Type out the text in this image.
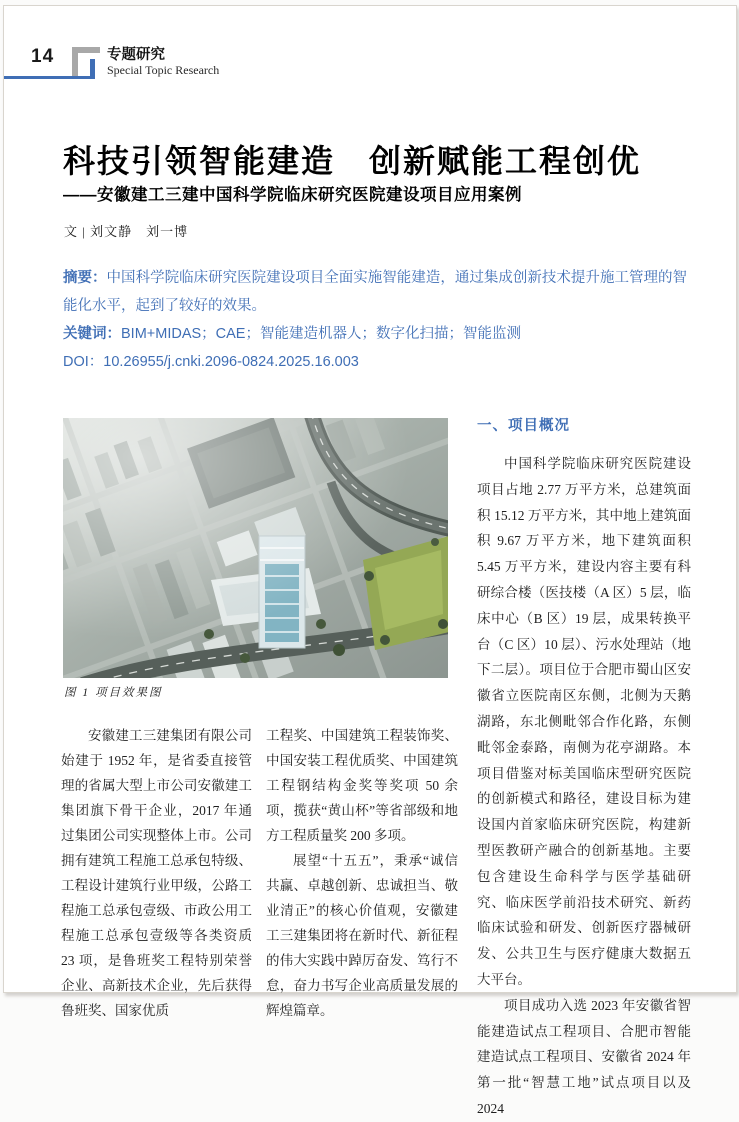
14	专题研究
Special Topic Research
科技引领智能建造　创新赋能工程创优
——安徽建工三建中国科学院临床研究医院建设项目应用案例
文 | 刘文静　刘一博

摘要：中国科学院临床研究医院建设项目全面实施智能建造，通过集成创新技术提升施工管理的智能化水平，起到了较好的效果。

关键词：BIM+MIDAS；CAE；智能建造机器人；数字化扫描；智能监测

DOI：10.26955/j.cnki.2096-0824.2025.16.003

图 1 项目效果图

安徽建工三建集团有限公司始建于 1952 年，是省委直接管理的省属大型上市公司安徽建工集团旗下骨干企业，2017 年通过集团公司实现整体上市。公司拥有建筑工程施工总承包特级、工程设计建筑行业甲级，公路工程施工总承包壹级、市政公用工程施工总承包壹级等各类资质 23 项，是鲁班奖工程特别荣誉企业、高新技术企业，先后获得鲁班奖、国家优质

工程奖、中国建筑工程装饰奖、中国安装工程优质奖、中国建筑工程钢结构金奖等奖项 50 余项，揽获“黄山杯”等省部级和地方工程质量奖 200 多项。

展望“十五五”，秉承“诚信共赢、卓越创新、忠诚担当、敬业清正”的核心价值观，安徽建工三建集团将在新时代、新征程的伟大实践中踔厉奋发、笃行不怠，奋力书写企业高质量发展的辉煌篇章。

一、项目概况

中国科学院临床研究医院建设项目占地 2.77 万平方米，总建筑面积 15.12 万平方米，其中地上建筑面积 9.67 万平方米，地下建筑面积 5.45 万平方米，建设内容主要有科研综合楼（医技楼（A 区）5 层，临床中心（B 区）19 层，成果转换平台（C 区）10 层）、污水处理站（地下二层）。项目位于合肥市蜀山区安徽省立医院南区东侧，北侧为天鹅湖路，东北侧毗邻合作化路，东侧毗邻金泰路，南侧为花亭湖路。本项目借鉴对标美国临床型研究医院的创新模式和路径，建设目标为建设国内首家临床研究医院，构建新型医教研产融合的创新基地。主要包含建设生命科学与医学基础研究、临床医学前沿技术研究、新药临床试验和研发、创新医疗器械研发、公共卫生与医疗健康大数据五大平台。

项目成功入选 2023 年安徽省智能建造试点工程项目、合肥市智能建造试点工程项目、安徽省 2024 年第一批“智慧工地”试点项目以及 2024
